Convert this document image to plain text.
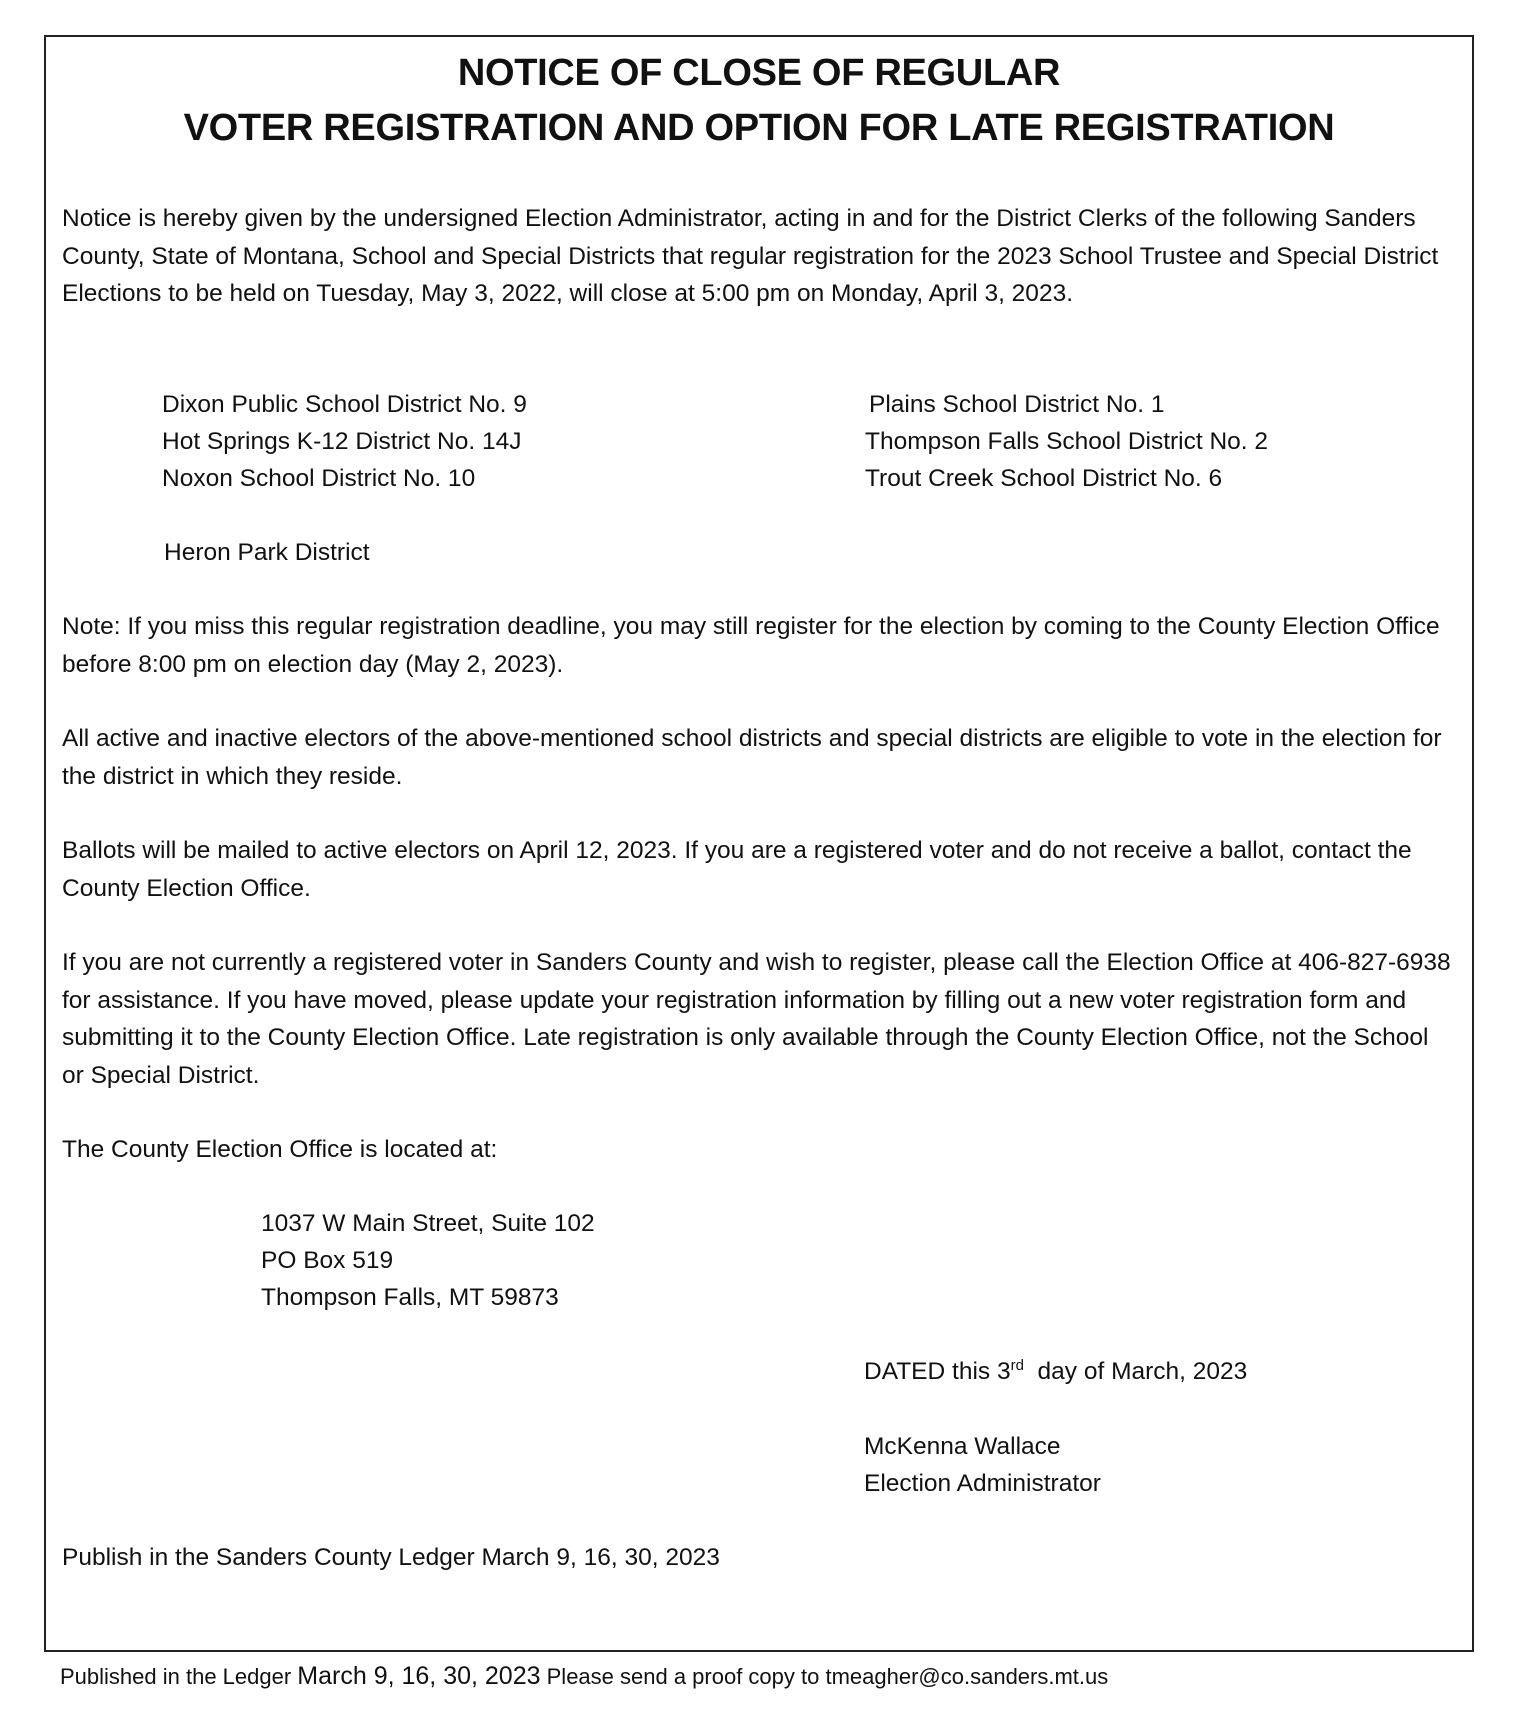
NOTICE OF CLOSE OF REGULAR
VOTER REGISTRATION AND OPTION FOR LATE REGISTRATION
Notice is hereby given by the undersigned Election Administrator, acting in and for the District Clerks of the following Sanders County, State of Montana, School and Special Districts that regular registration for the 2023 School Trustee and Special District Elections to be held on Tuesday, May 3, 2022, will close at 5:00 pm on Monday, April 3, 2023.
Dixon Public School District No. 9
Hot Springs K-12 District No. 14J
Noxon School District No. 10
Plains School District No. 1
Thompson Falls School District No. 2
Trout Creek School District No. 6
Heron Park District
Note: If you miss this regular registration deadline, you may still register for the election by coming to the County Election Office before 8:00 pm on election day (May 2, 2023).
All active and inactive electors of the above-mentioned school districts and special districts are eligible to vote in the election for the district in which they reside.
Ballots will be mailed to active electors on April 12, 2023. If you are a registered voter and do not receive a ballot, contact the County Election Office.
If you are not currently a registered voter in Sanders County and wish to register, please call the Election Office at 406-827-6938 for assistance. If you have moved, please update your registration information by filling out a new voter registration form and submitting it to the County Election Office. Late registration is only available through the County Election Office, not the School or Special District.
The County Election Office is located at:
1037 W Main Street, Suite 102
PO Box 519
Thompson Falls, MT 59873
DATED this 3rd  day of March, 2023
McKenna Wallace
Election Administrator
Publish in the Sanders County Ledger March 9, 16, 30, 2023
Published in the Ledger March 9, 16, 30, 2023 Please send a proof copy to tmeagher@co.sanders.mt.us
